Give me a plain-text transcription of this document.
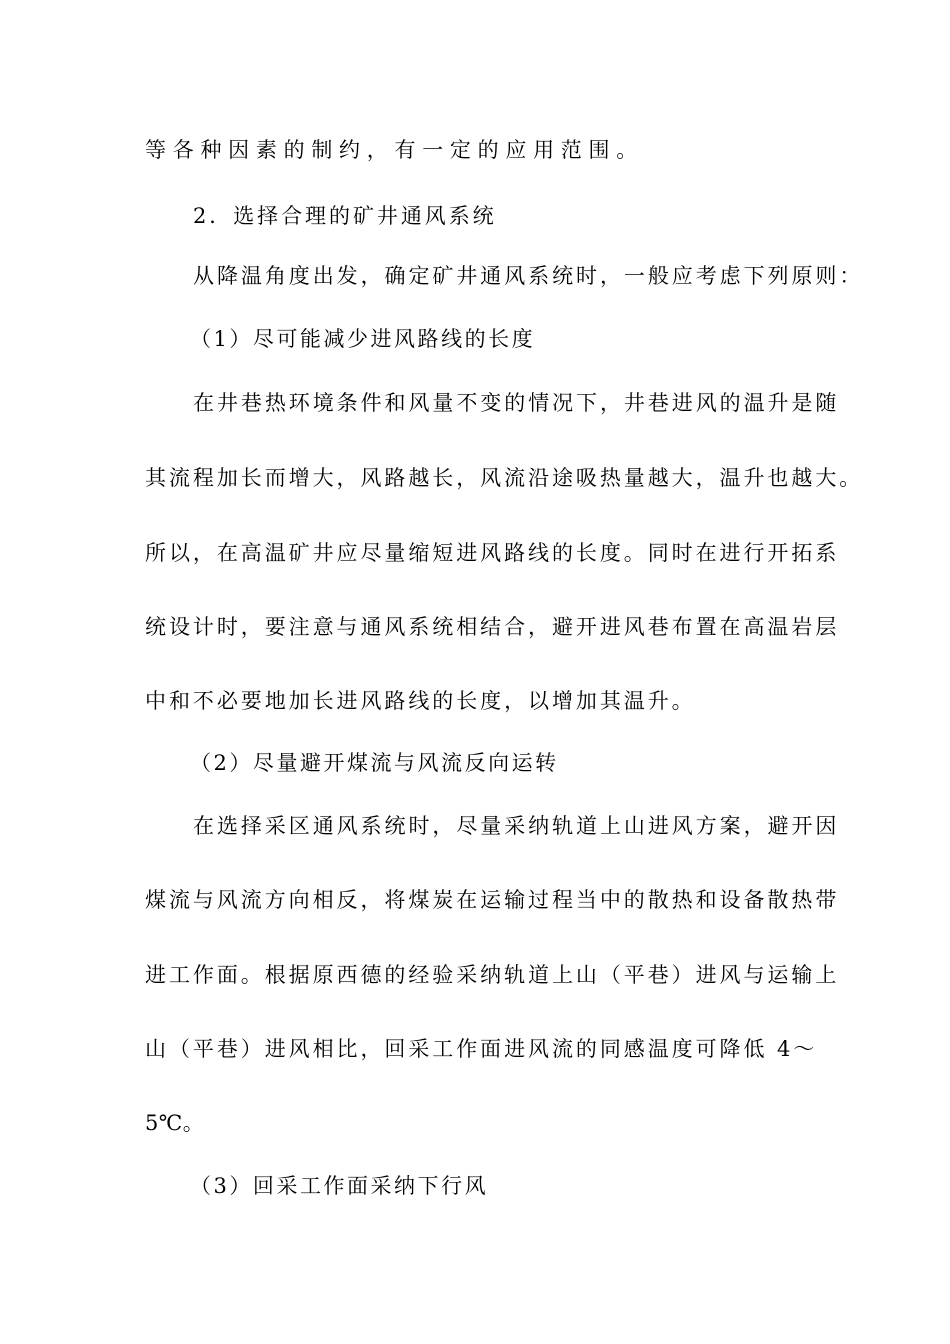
等各种因素的制约，有一定的应用范围。
2．选择合理的矿井通风系统
从降温角度出发，确定矿井通风系统时，一般应考虑下列原则：
（1）尽可能减少进风路线的长度
在井巷热环境条件和风量不变的情况下，井巷进风的温升是随
其流程加长而增大，风路越长，风流沿途吸热量越大，温升也越大。
所以，在高温矿井应尽量缩短进风路线的长度。同时在进行开拓系
统设计时，要注意与通风系统相结合，避开进风巷布置在高温岩层
中和不必要地加长进风路线的长度，以增加其温升。
（2）尽量避开煤流与风流反向运转
在选择采区通风系统时，尽量采纳轨道上山进风方案，避开因
煤流与风流方向相反，将煤炭在运输过程当中的散热和设备散热带
进工作面。根据原西德的经验采纳轨道上山（平巷）进风与运输上
山（平巷）进风相比，回采工作面进风流的同感温度可降低 4～
5℃。
（3）回采工作面采纳下行风
